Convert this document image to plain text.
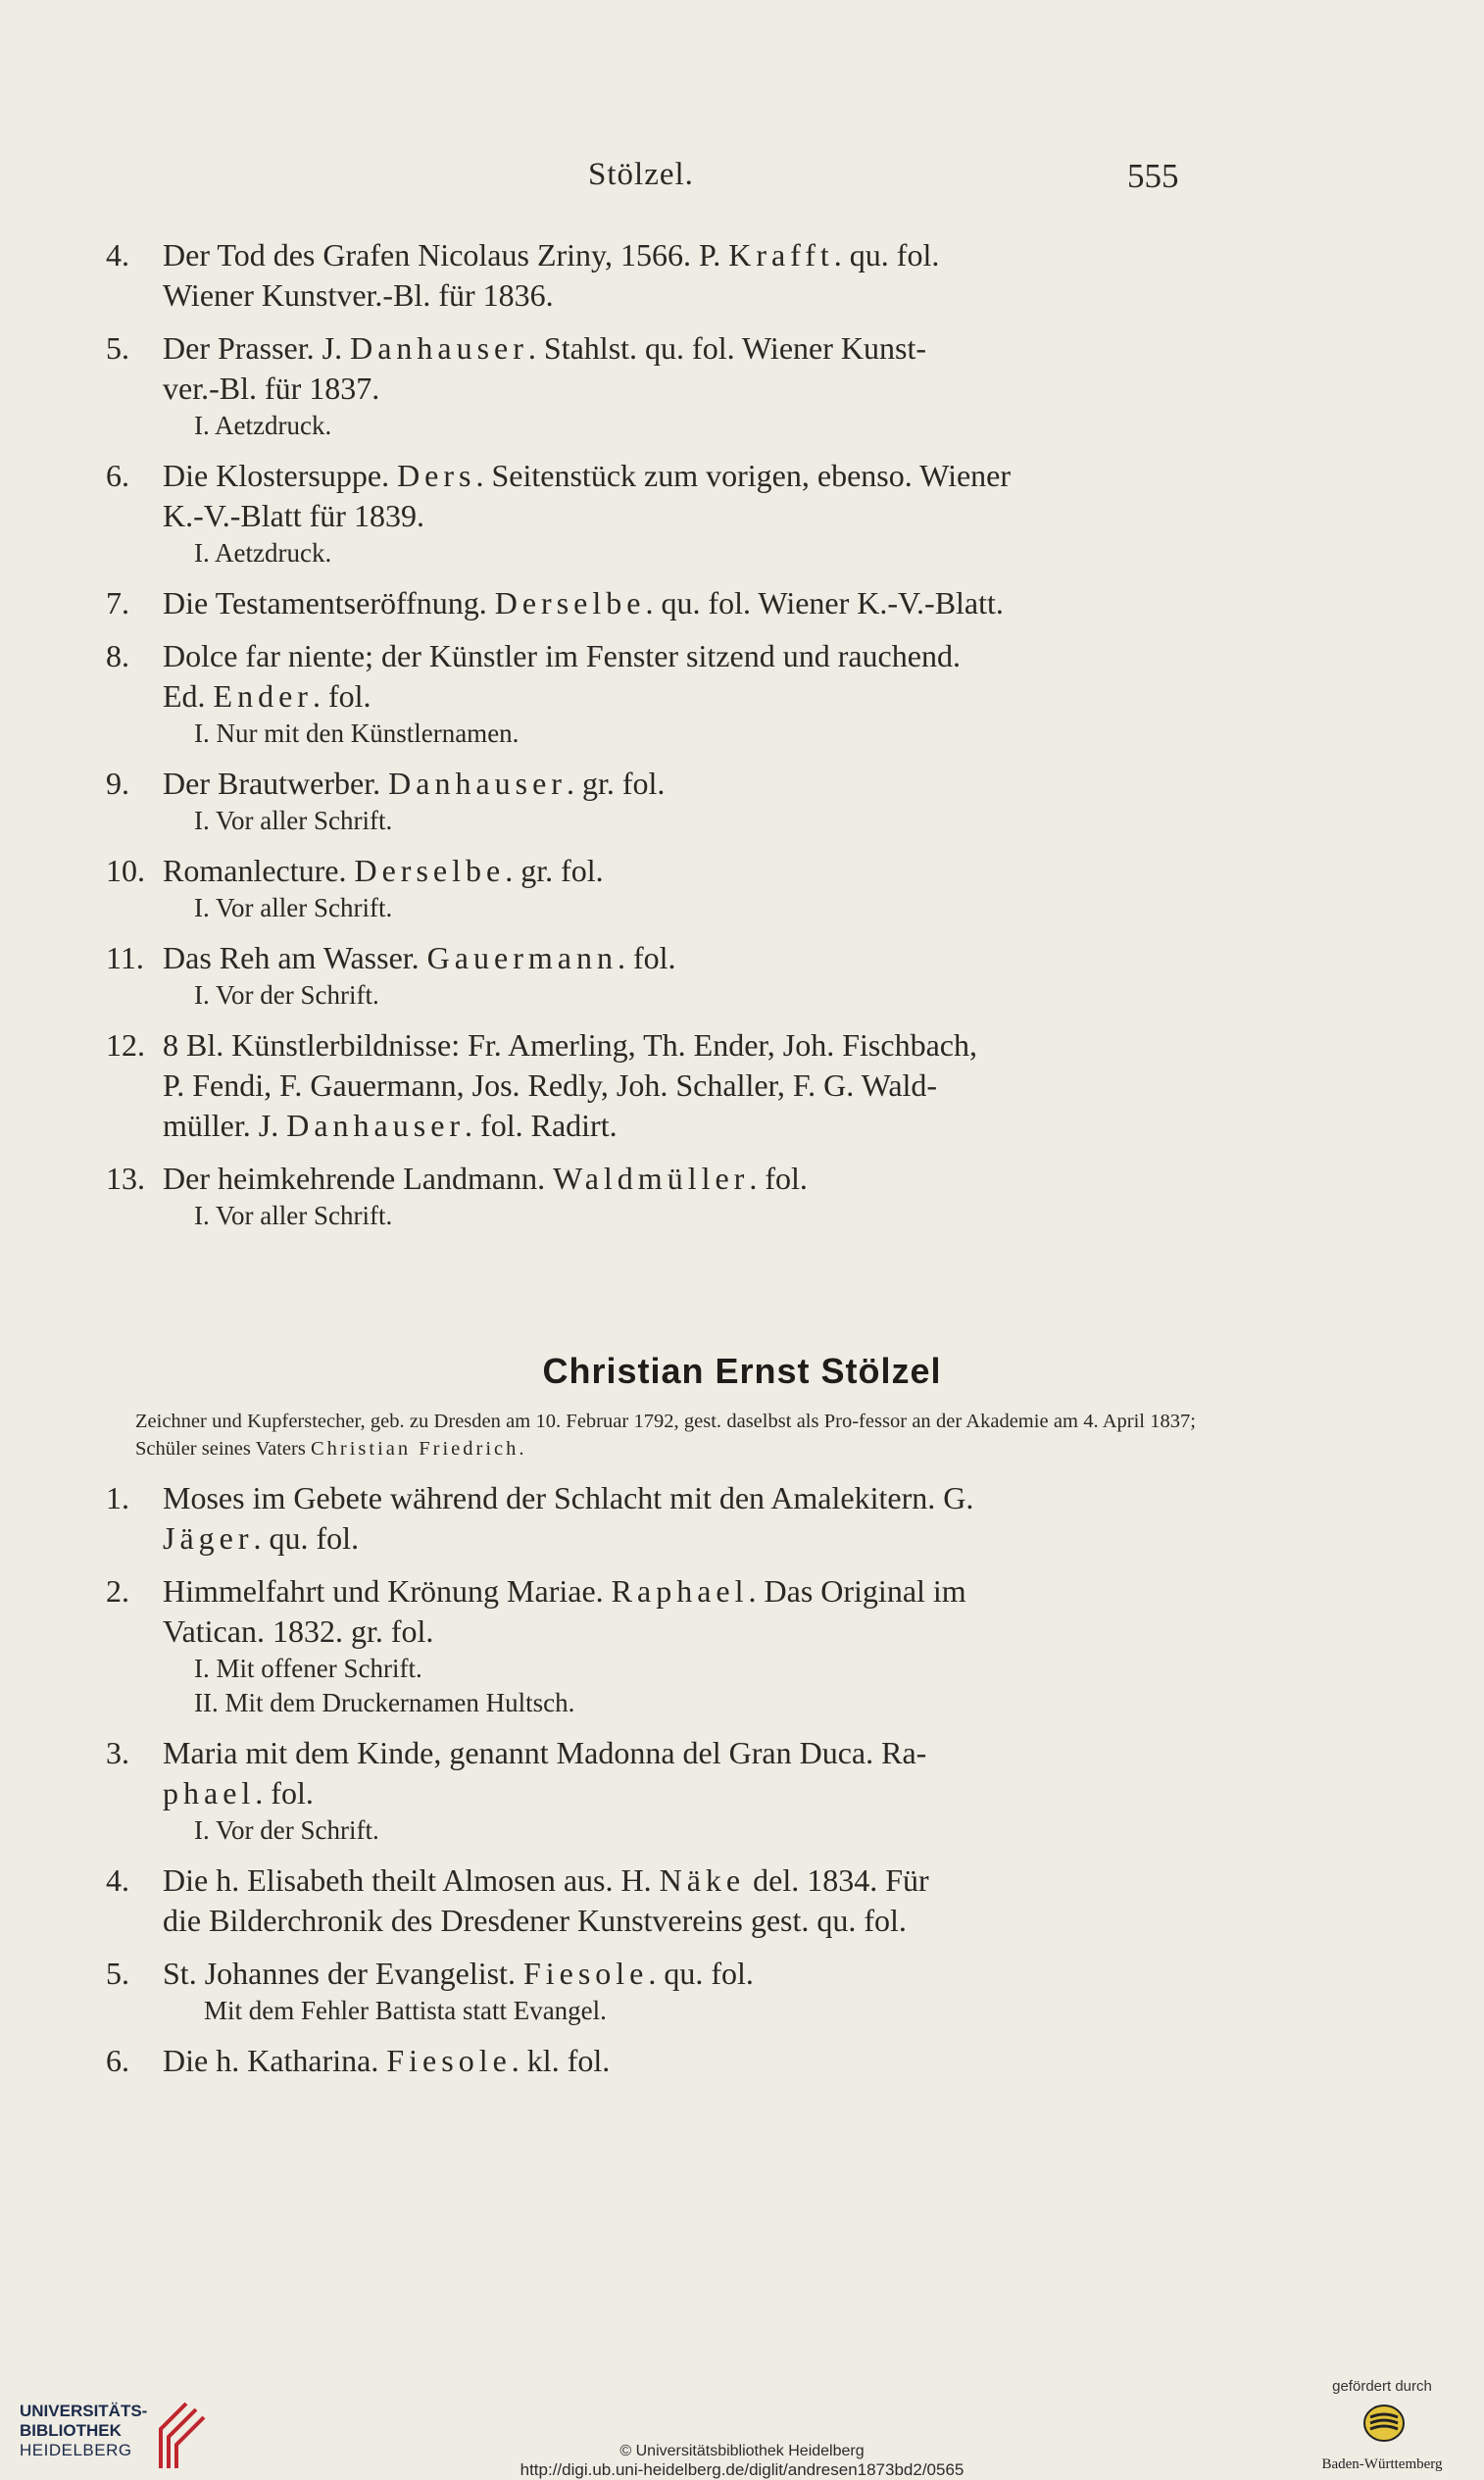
Stölzel.	555
4.	Der Tod des Grafen Nicolaus Zriny, 1566. P. Krafft. qu. fol.
Wiener Kunstver.-Bl. für 1836.
5.	Der Prasser. J. Danhauser. Stahlst. qu. fol. Wiener Kunst-
ver.-Bl. für 1837.
I. Aetzdruck.
6.	Die Klostersuppe. Ders. Seitenstück zum vorigen, ebenso. Wiener
K.-V.-Blatt für 1839.
I. Aetzdruck.
7.	Die Testamentseröffnung. Derselbe. qu. fol. Wiener K.-V.-Blatt.
8.	Dolce far niente; der Künstler im Fenster sitzend und rauchend.
Ed. Ender. fol.
I. Nur mit den Künstlernamen.
9.	Der Brautwerber. Danhauser. gr. fol.
I. Vor aller Schrift.
10. Romanlecture. Derselbe. gr. fol.
I. Vor aller Schrift.
11. Das Reh am Wasser. Gauermann. fol.
I. Vor der Schrift.
12. 8 Bl. Künstlerbildnisse: Fr. Amerling, Th. Ender, Joh. Fischbach,
P. Fendi, F. Gauermann, Jos. Redly, Joh. Schaller, F. G. Wald-
müller. J. Danhauser. fol. Radirt.
13. Der heimkehrende Landmann. Waldmüller. fol.
I. Vor aller Schrift.
Christian Ernst Stölzel
Zeichner und Kupferstecher, geb. zu Dresden am 10. Februar 1792, gest. daselbst als Pro-fessor an der Akademie am 4. April 1837; Schüler seines Vaters Christian Friedrich.
1.	Moses im Gebete während der Schlacht mit den Amalekitern. G.
Jäger. qu. fol.
2.	Himmelfahrt und Krönung Mariae. Raphael. Das Original im
Vatican. 1832. gr. fol.
I. Mit offener Schrift.
II. Mit dem Druckernamen Hultsch.
3.	Maria mit dem Kinde, genannt Madonna del Gran Duca. Ra-
phael. fol.
I. Vor der Schrift.
4.	Die h. Elisabeth theilt Almosen aus. H. Näke del. 1834. Für
die Bilderchronik des Dresdener Kunstvereins gest. qu. fol.
5.	St. Johannes der Evangelist. Fiesole. qu. fol.
Mit dem Fehler Battista statt Evangel.
6.	Die h. Katharina. Fiesole. kl. fol.
UNIVERSITÄTS-
BIBLIOTHEK
HEIDELBERG	© Universitätsbibliothek Heidelberg
http://digi.ub.uni-heidelberg.de/diglit/andresen1873bd2/0565
gefördert durch
Baden-Württemberg
